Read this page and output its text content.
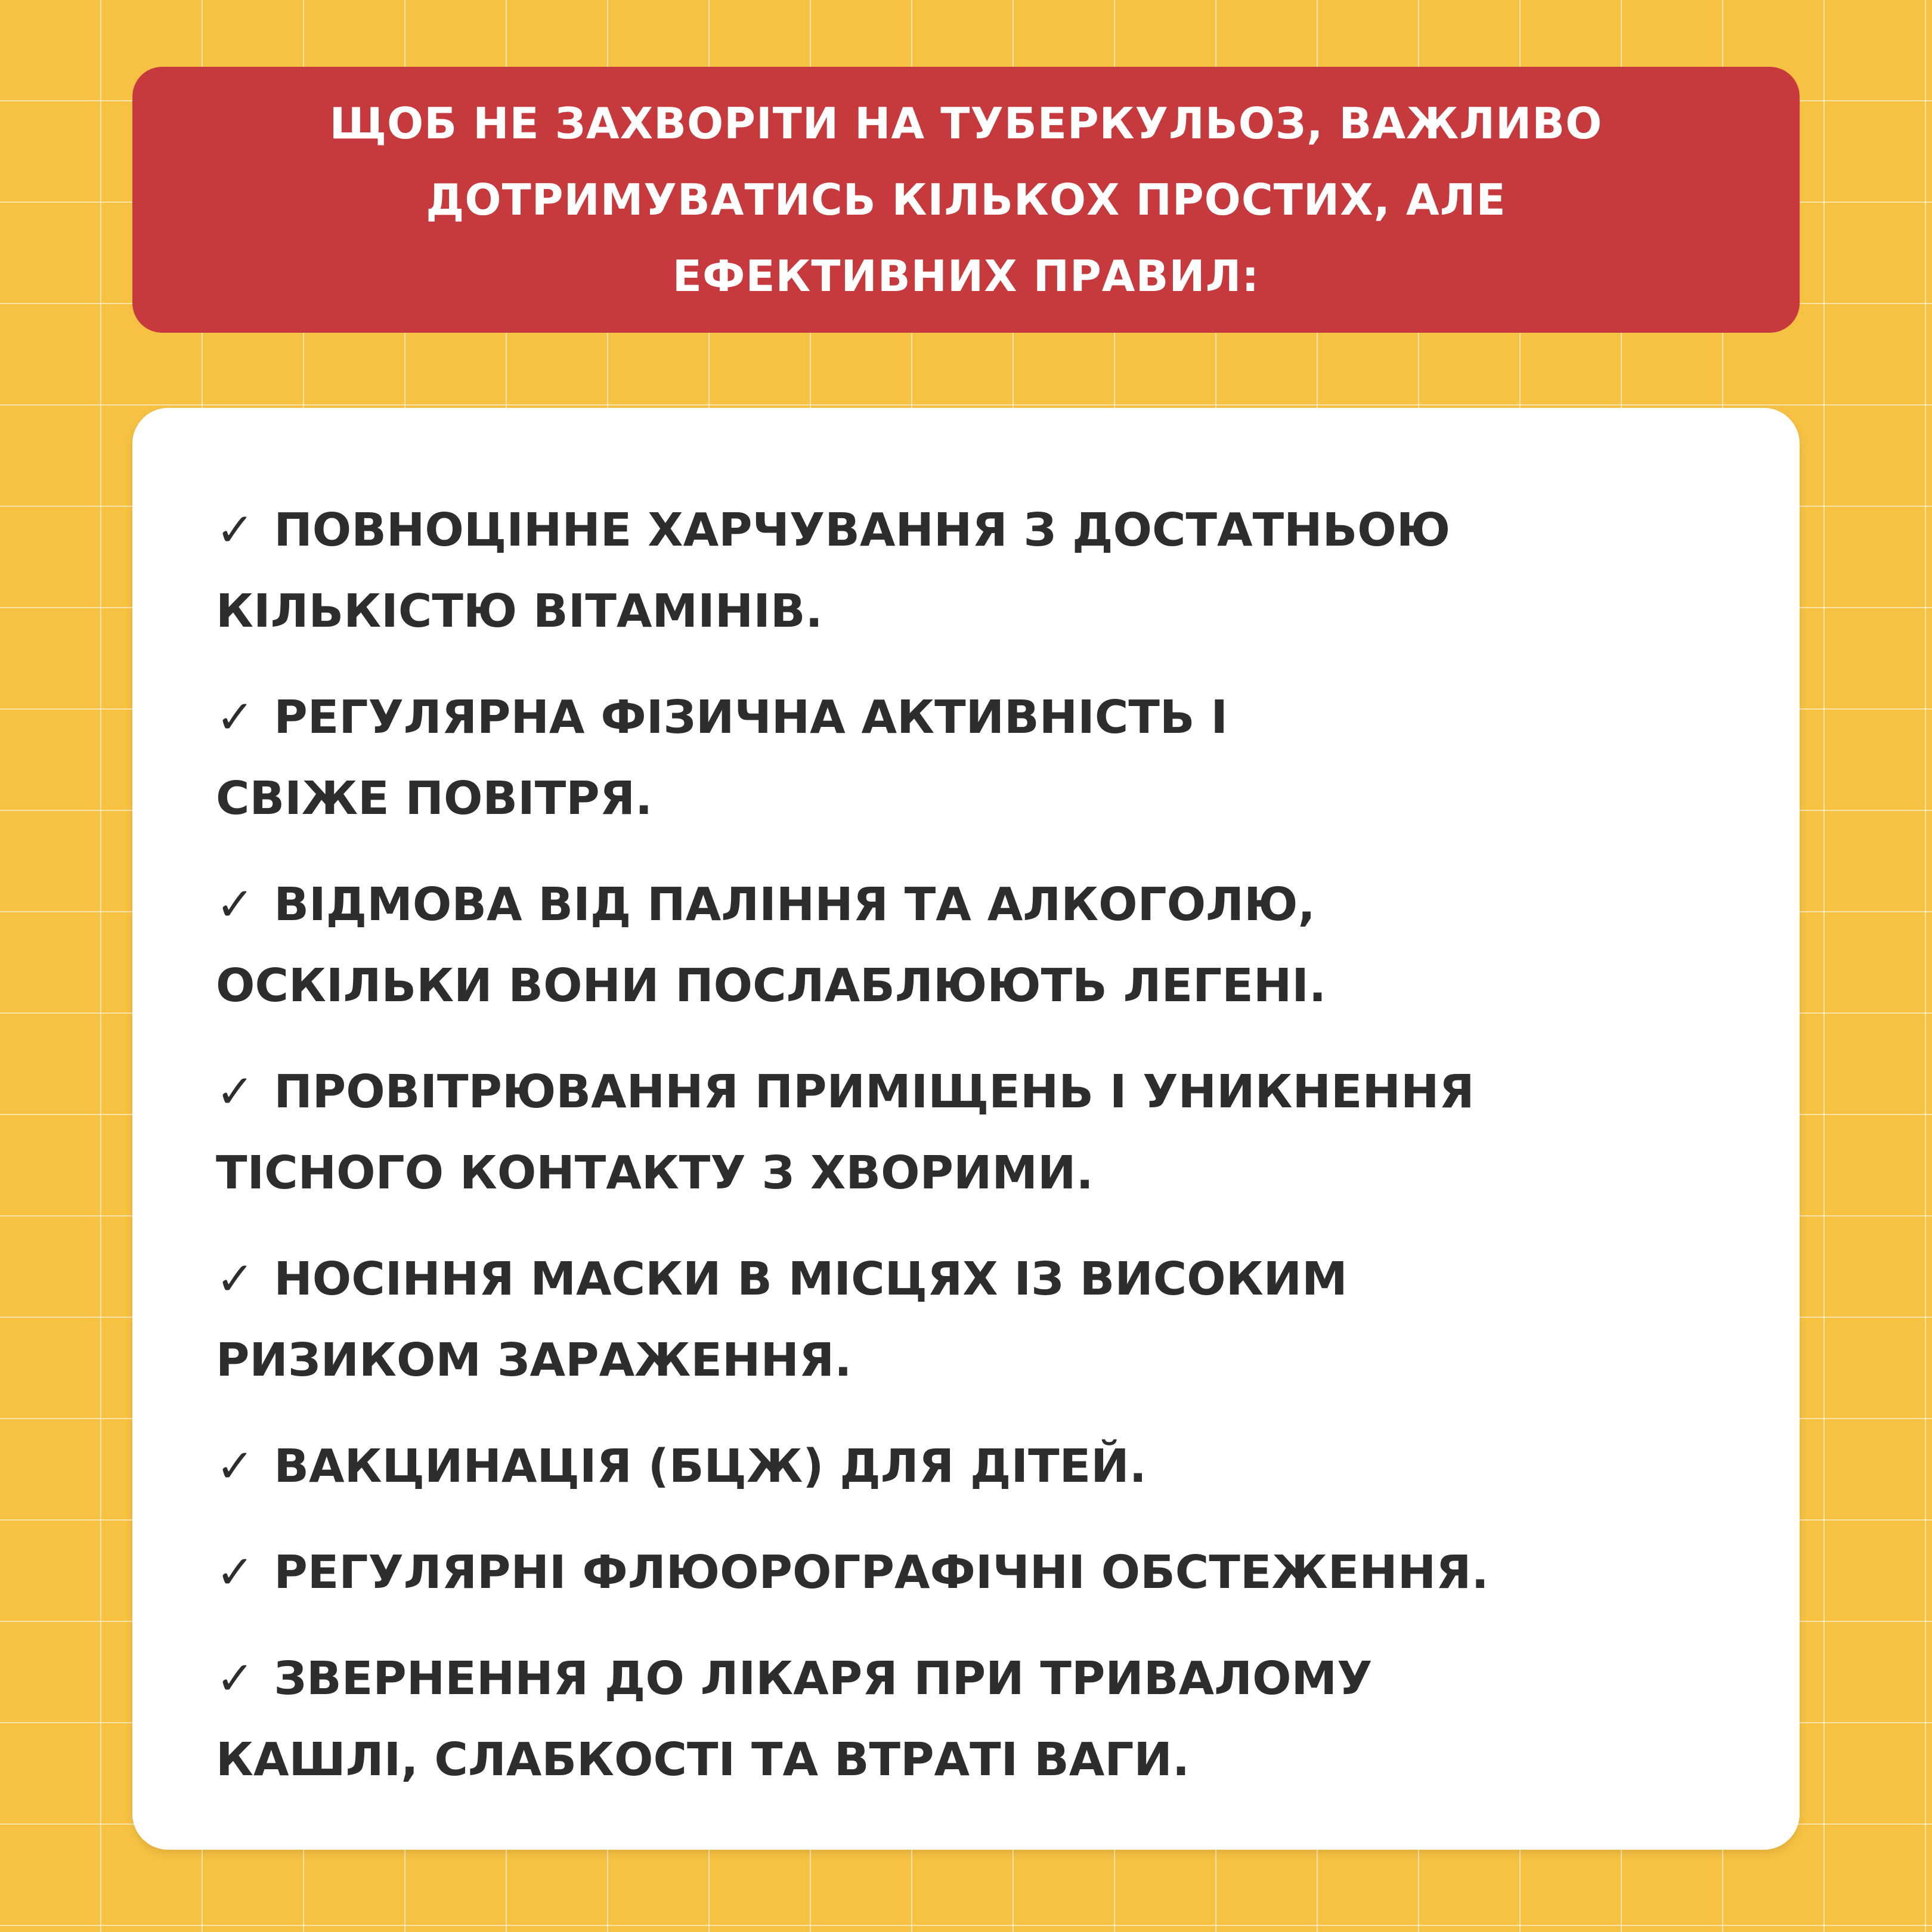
ЩОБ НЕ ЗАХВОРІТИ НА ТУБЕРКУЛЬОЗ, ВАЖЛИВО
ДОТРИМУВАТИСЬ КІЛЬКОХ ПРОСТИХ, АЛЕ
ЕФЕКТИВНИХ ПРАВИЛ:
✓ ПОВНОЦІННЕ ХАРЧУВАННЯ З ДОСТАТНЬОЮ
КІЛЬКІСТЮ ВІТАМІНІВ.
✓ РЕГУЛЯРНА ФІЗИЧНА АКТИВНІСТЬ І
СВІЖЕ ПОВІТРЯ.
✓ ВІДМОВА ВІД ПАЛІННЯ ТА АЛКОГОЛЮ,
ОСКІЛЬКИ ВОНИ ПОСЛАБЛЮЮТЬ ЛЕГЕНІ.
✓ ПРОВІТРЮВАННЯ ПРИМІЩЕНЬ І УНИКНЕННЯ
ТІСНОГО КОНТАКТУ З ХВОРИМИ.
✓ НОСІННЯ МАСКИ В МІСЦЯХ ІЗ ВИСОКИМ
РИЗИКОМ ЗАРАЖЕННЯ.
✓ ВАКЦИНАЦІЯ (БЦЖ) ДЛЯ ДІТЕЙ.
✓ РЕГУЛЯРНІ ФЛЮОРОГРАФІЧНІ ОБСТЕЖЕННЯ.
✓ ЗВЕРНЕННЯ ДО ЛІКАРЯ ПРИ ТРИВАЛОМУ
КАШЛІ, СЛАБКОСТІ ТА ВТРАТІ ВАГИ.
